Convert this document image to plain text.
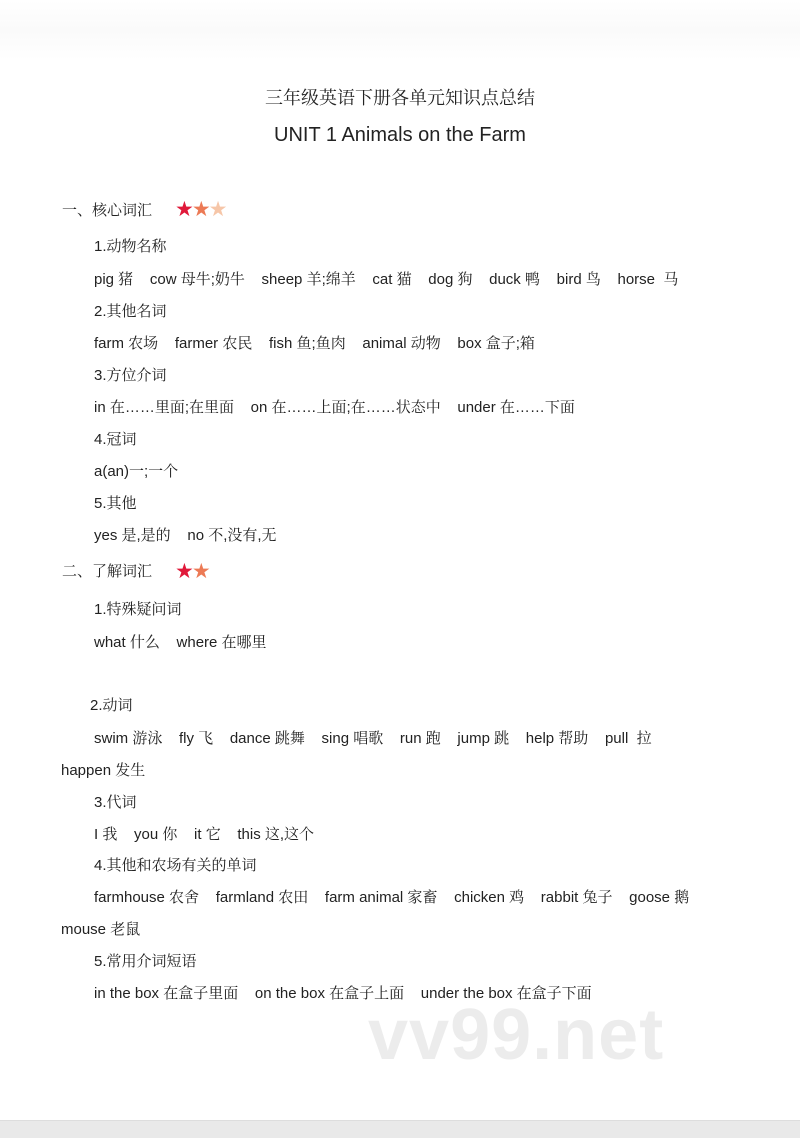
三年级英语下册各单元知识点总结
UNIT 1 Animals on the Farm
一、核心词汇 ★★★
1.动物名称
pig 猪    cow 母牛;奶牛    sheep 羊;绵羊    cat 猫    dog 狗    duck 鸭    bird 鸟    horse  马
2.其他名词
farm 农场    farmer 农民    fish 鱼;鱼肉    animal 动物    box 盒子;箱
3.方位介词
in 在……里面;在里面    on 在……上面;在……状态中    under 在……下面
4.冠词
a(an)一;一个
5.其他
yes 是,是的    no 不,没有,无
二、了解词汇 ★★
1.特殊疑问词
what 什么    where 在哪里
2.动词
swim 游泳    fly 飞    dance 跳舞    sing 唱歌    run 跑    jump 跳    help 帮助    pull  拉
happen 发生
3.代词
I 我    you 你    it 它    this 这,这个
4.其他和农场有关的单词
farmhouse 农舍    farmland 农田    farm animal 家畜    chicken 鸡    rabbit 兔子    goose 鹅
mouse 老鼠
5.常用介词短语
in the box 在盒子里面    on the box 在盒子上面    under the box 在盒子下面
vv99.net
